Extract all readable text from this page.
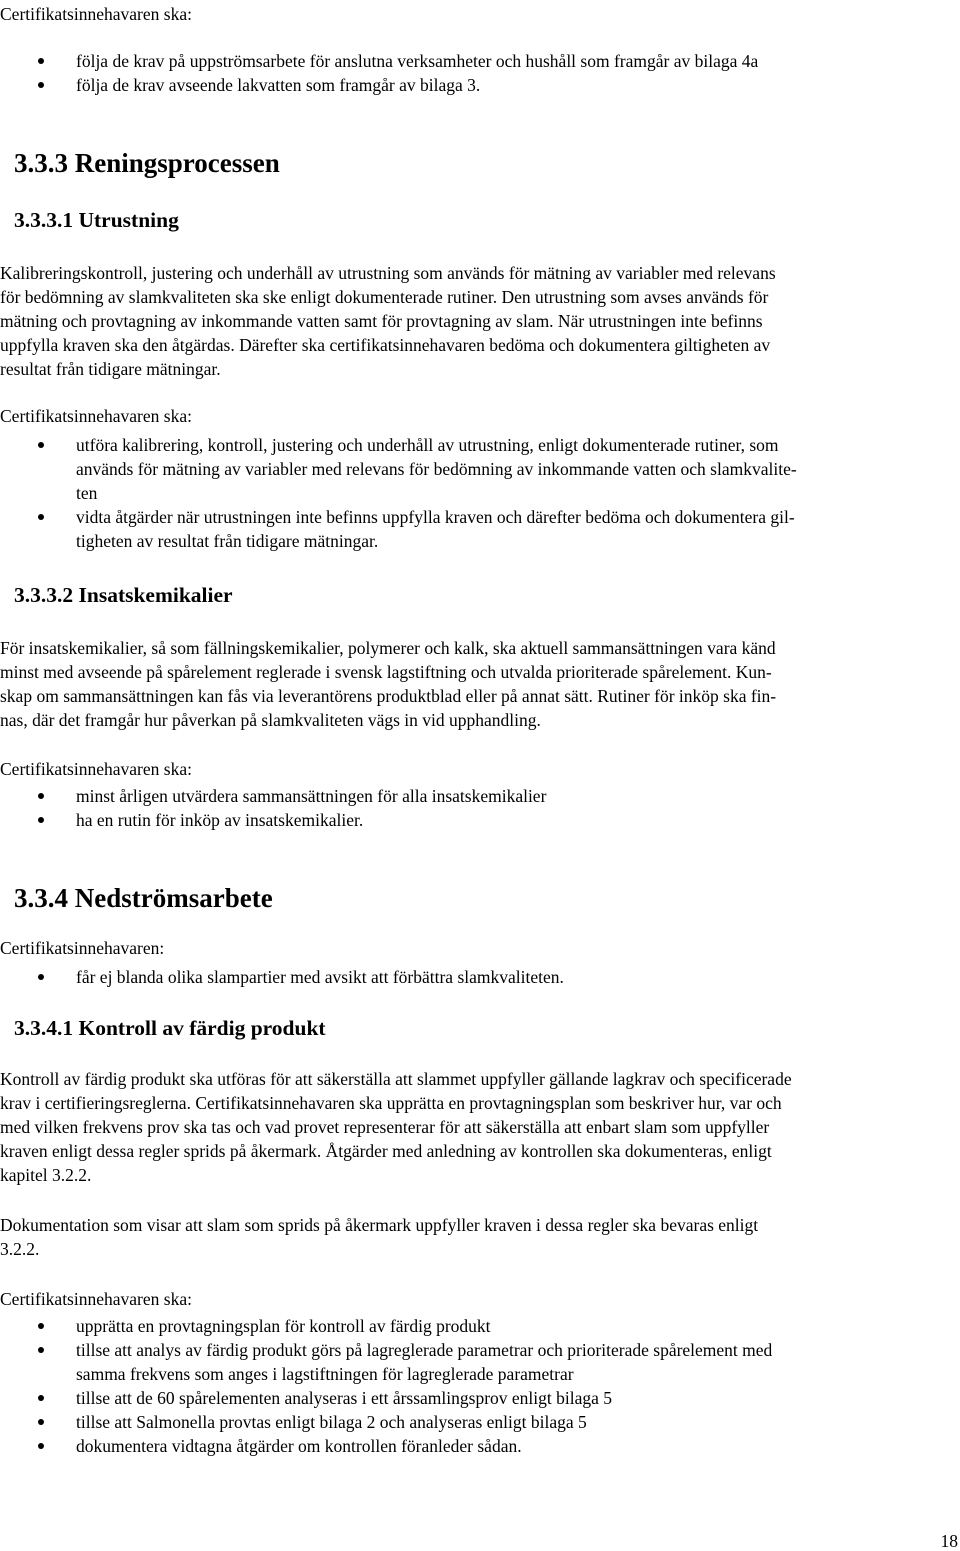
Certifikatsinnehavaren ska:
följa de krav på uppströmsarbete för anslutna verksamheter och hushåll som framgår av bilaga 4a
följa de krav avseende lakvatten som framgår av bilaga 3.
3.3.3 Reningsprocessen
3.3.3.1 Utrustning
Kalibreringskontroll, justering och underhåll av utrustning som används för mätning av variabler med relevans
för bedömning av slamkvaliteten ska ske enligt dokumenterade rutiner. Den utrustning som avses används för
mätning och provtagning av inkommande vatten samt för provtagning av slam. När utrustningen inte befinns
uppfylla kraven ska den åtgärdas. Därefter ska certifikatsinnehavaren bedöma och dokumentera giltigheten av
resultat från tidigare mätningar.
Certifikatsinnehavaren ska:
utföra kalibrering, kontroll, justering och underhåll av utrustning, enligt dokumenterade rutiner, som
används för mätning av variabler med relevans för bedömning av inkommande vatten och slamkvalite-
ten
vidta åtgärder när utrustningen inte befinns uppfylla kraven och därefter bedöma och dokumentera gil-
tigheten av resultat från tidigare mätningar.
3.3.3.2 Insatskemikalier
För insatskemikalier, så som fällningskemikalier, polymerer och kalk, ska aktuell sammansättningen vara känd
minst med avseende på spårelement reglerade i svensk lagstiftning och utvalda prioriterade spårelement. Kun-
skap om sammansättningen kan fås via leverantörens produktblad eller på annat sätt. Rutiner för inköp ska fin-
nas, där det framgår hur påverkan på slamkvaliteten vägs in vid upphandling.
Certifikatsinnehavaren ska:
minst årligen utvärdera sammansättningen för alla insatskemikalier
ha en rutin för inköp av insatskemikalier.
3.3.4 Nedströmsarbete
Certifikatsinnehavaren:
får ej blanda olika slampartier med avsikt att förbättra slamkvaliteten.
3.3.4.1 Kontroll av färdig produkt
Kontroll av färdig produkt ska utföras för att säkerställa att slammet uppfyller gällande lagkrav och specificerade
krav i certifieringsreglerna. Certifikatsinnehavaren ska upprätta en provtagningsplan som beskriver hur, var och
med vilken frekvens prov ska tas och vad provet representerar för att säkerställa att enbart slam som uppfyller
kraven enligt dessa regler sprids på åkermark. Åtgärder med anledning av kontrollen ska dokumenteras, enligt
kapitel 3.2.2.
Dokumentation som visar att slam som sprids på åkermark uppfyller kraven i dessa regler ska bevaras enligt
3.2.2.
Certifikatsinnehavaren ska:
upprätta en provtagningsplan för kontroll av färdig produkt
tillse att analys av färdig produkt görs på lagreglerade parametrar och prioriterade spårelement med
samma frekvens som anges i lagstiftningen för lagreglerade parametrar
tillse att de 60 spårelementen analyseras i ett årssamlingsprov enligt bilaga 5
tillse att Salmonella provtas enligt bilaga 2 och analyseras enligt bilaga 5
dokumentera vidtagna åtgärder om kontrollen föranleder sådan.
18
